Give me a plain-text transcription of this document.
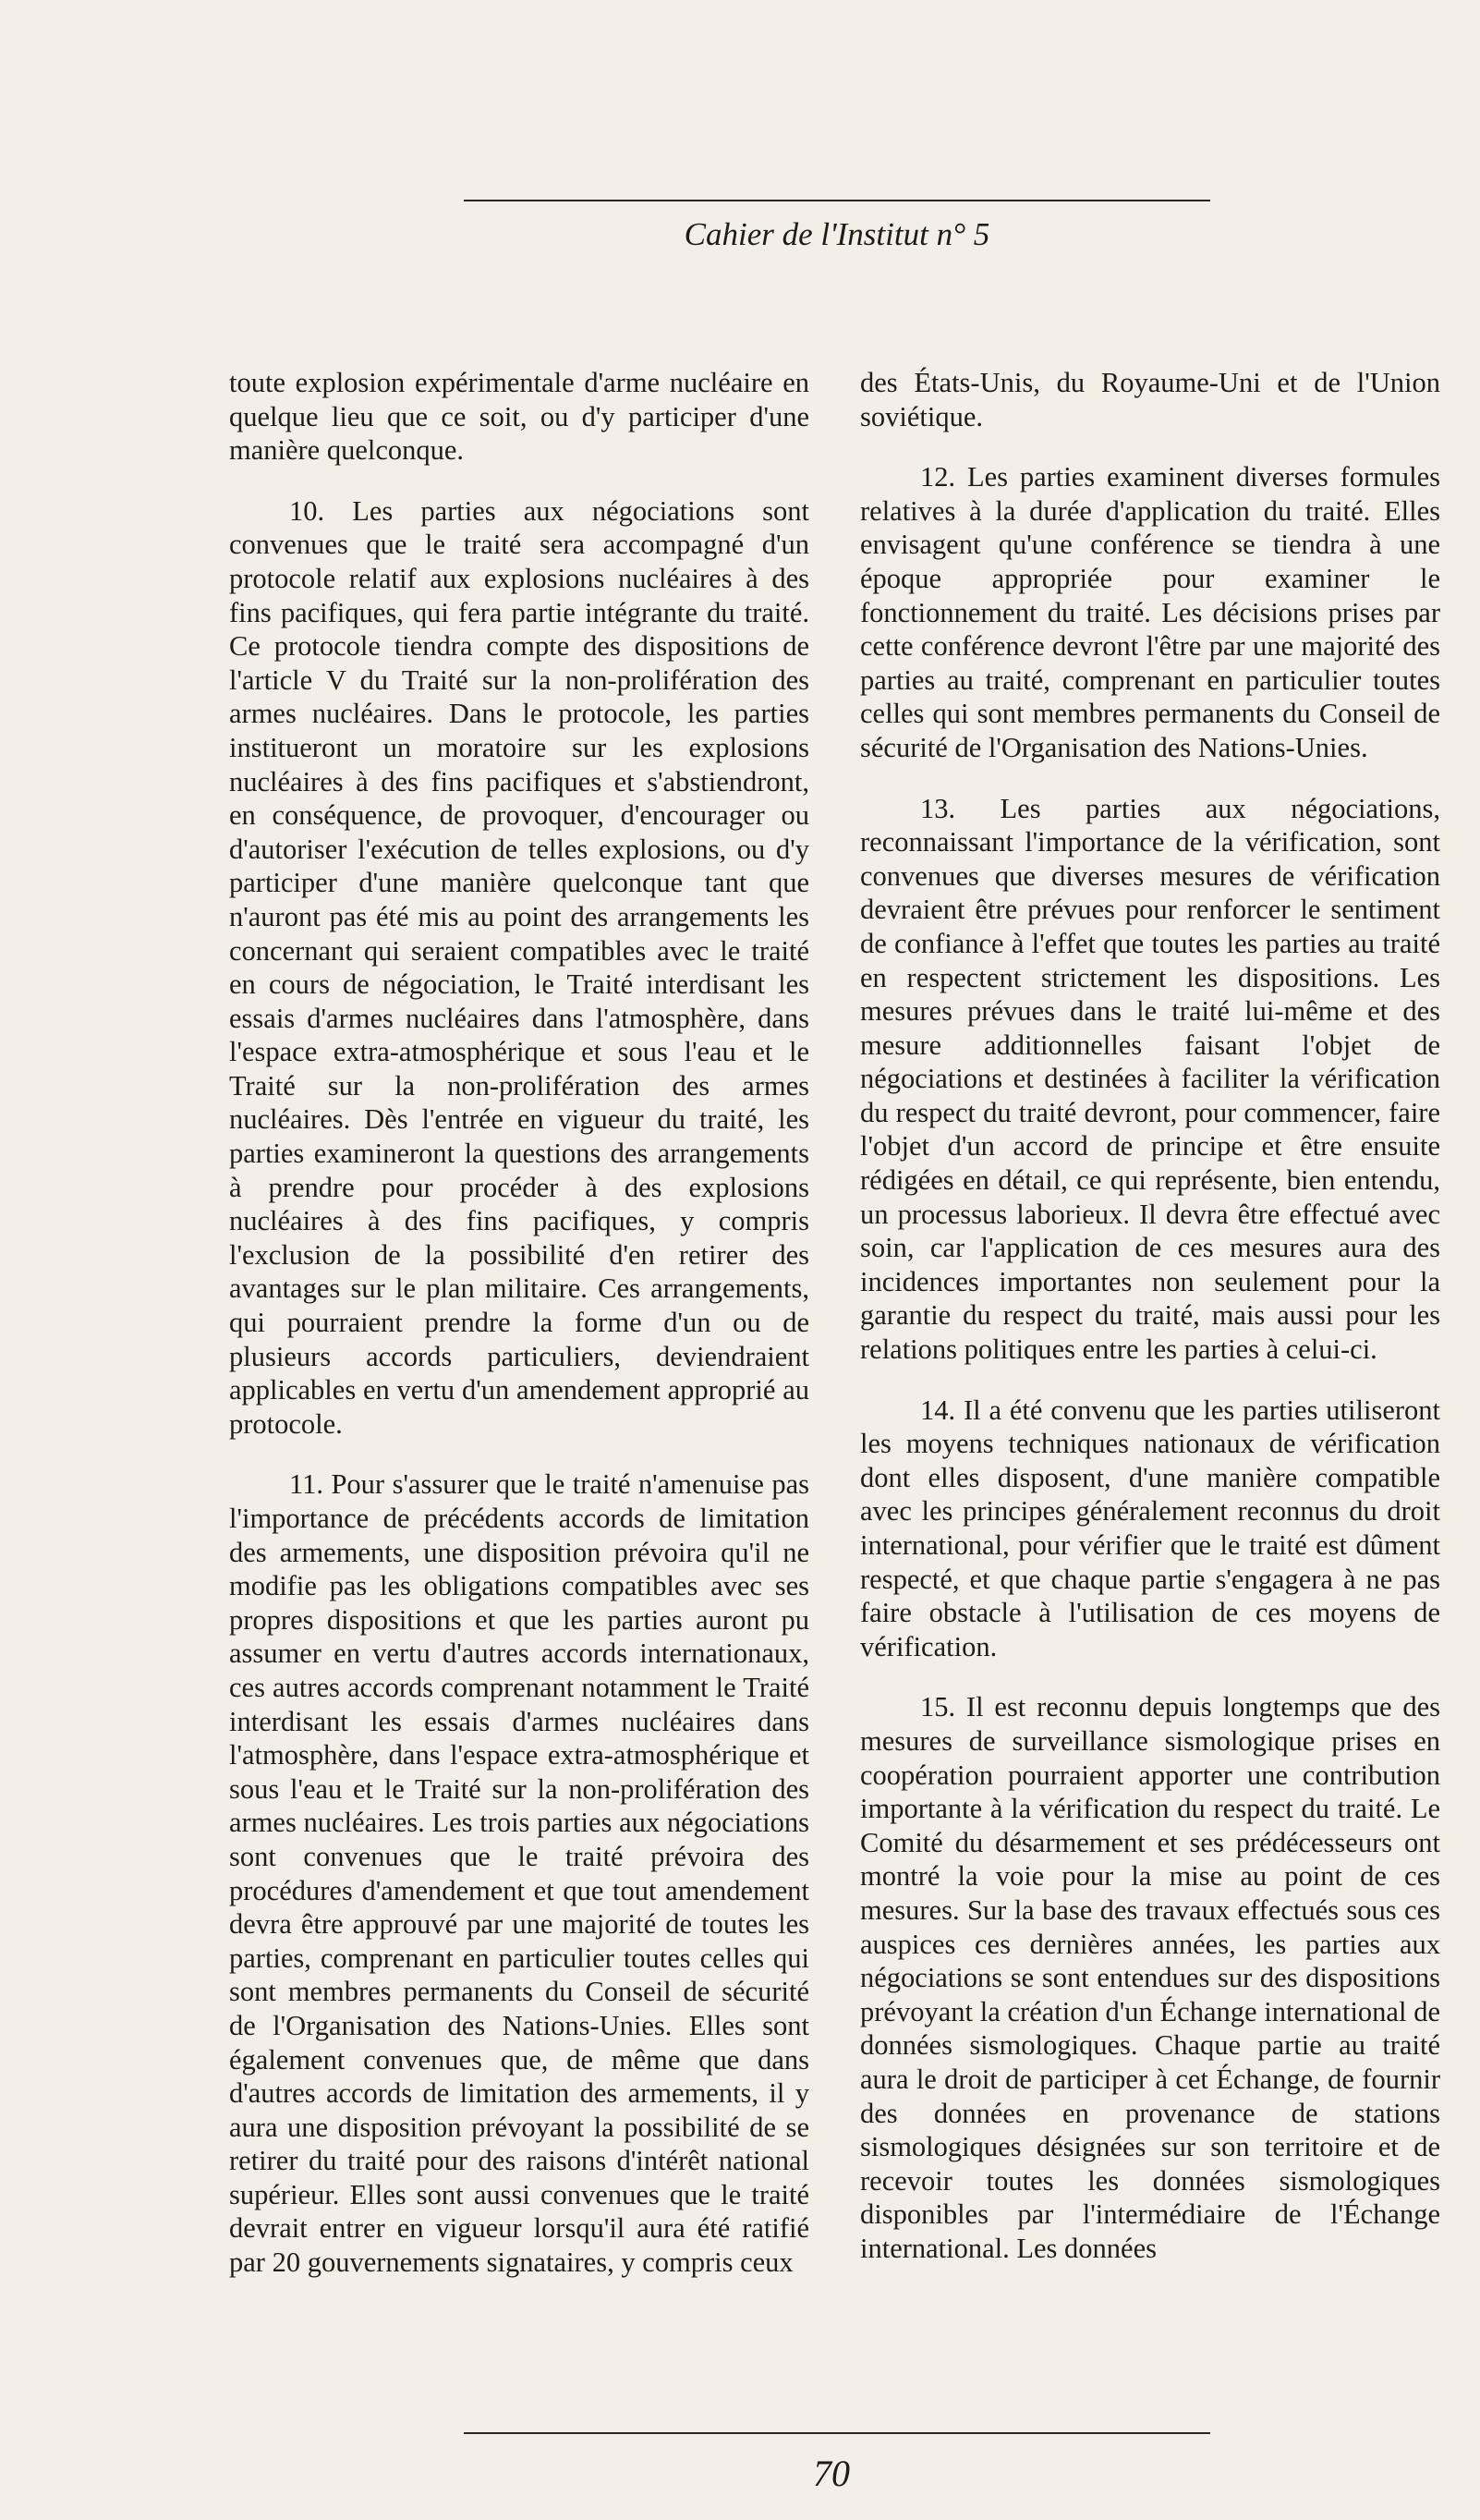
Cahier de l'Institut n° 5

toute explosion expérimentale d'arme nucléaire en quelque lieu que ce soit, ou d'y participer d'une manière quelconque.

10. Les parties aux négociations sont convenues que le traité sera accompagné d'un protocole relatif aux explosions nucléaires à des fins pacifiques, qui fera partie intégrante du traité. Ce protocole tiendra compte des dispositions de l'article V du Traité sur la non-prolifération des armes nucléaires. Dans le protocole, les parties institueront un moratoire sur les explosions nucléaires à des fins pacifiques et s'abstiendront, en conséquence, de provoquer, d'encourager ou d'autoriser l'exécution de telles explosions, ou d'y participer d'une manière quelconque tant que n'auront pas été mis au point des arrangements les concernant qui seraient compatibles avec le traité en cours de négociation, le Traité interdisant les essais d'armes nucléaires dans l'atmosphère, dans l'espace extra-atmosphérique et sous l'eau et le Traité sur la non-prolifération des armes nucléaires. Dès l'entrée en vigueur du traité, les parties examineront la questions des arrangements à prendre pour procéder à des explosions nucléaires à des fins pacifiques, y compris l'exclusion de la possibilité d'en retirer des avantages sur le plan militaire. Ces arrangements, qui pourraient prendre la forme d'un ou de plusieurs accords particuliers, deviendraient applicables en vertu d'un amendement approprié au protocole.

11. Pour s'assurer que le traité n'amenuise pas l'importance de précédents accords de limitation des armements, une disposition prévoira qu'il ne modifie pas les obligations compatibles avec ses propres dispositions et que les parties auront pu assumer en vertu d'autres accords internationaux, ces autres accords comprenant notamment le Traité interdisant les essais d'armes nucléaires dans l'atmosphère, dans l'espace extra-atmosphérique et sous l'eau et le Traité sur la non-prolifération des armes nucléaires. Les trois parties aux négociations sont convenues que le traité prévoira des procédures d'amendement et que tout amendement devra être approuvé par une majorité de toutes les parties, comprenant en particulier toutes celles qui sont membres permanents du Conseil de sécurité de l'Organisation des Nations-Unies. Elles sont également convenues que, de même que dans d'autres accords de limitation des armements, il y aura une disposition prévoyant la possibilité de se retirer du traité pour des raisons d'intérêt national supérieur. Elles sont aussi convenues que le traité devrait entrer en vigueur lorsqu'il aura été ratifié par 20 gouvernements signataires, y compris ceux

des États-Unis, du Royaume-Uni et de l'Union soviétique.

12. Les parties examinent diverses formules relatives à la durée d'application du traité. Elles envisagent qu'une conférence se tiendra à une époque appropriée pour examiner le fonctionnement du traité. Les décisions prises par cette conférence devront l'être par une majorité des parties au traité, comprenant en particulier toutes celles qui sont membres permanents du Conseil de sécurité de l'Organisation des Nations-Unies.

13. Les parties aux négociations, reconnaissant l'importance de la vérification, sont convenues que diverses mesures de vérification devraient être prévues pour renforcer le sentiment de confiance à l'effet que toutes les parties au traité en respectent strictement les dispositions. Les mesures prévues dans le traité lui-même et des mesure additionnelles faisant l'objet de négociations et destinées à faciliter la vérification du respect du traité devront, pour commencer, faire l'objet d'un accord de principe et être ensuite rédigées en détail, ce qui représente, bien entendu, un processus laborieux. Il devra être effectué avec soin, car l'application de ces mesures aura des incidences importantes non seulement pour la garantie du respect du traité, mais aussi pour les relations politiques entre les parties à celui-ci.

14. Il a été convenu que les parties utiliseront les moyens techniques nationaux de vérification dont elles disposent, d'une manière compatible avec les principes généralement reconnus du droit international, pour vérifier que le traité est dûment respecté, et que chaque partie s'engagera à ne pas faire obstacle à l'utilisation de ces moyens de vérification.

15. Il est reconnu depuis longtemps que des mesures de surveillance sismologique prises en coopération pourraient apporter une contribution importante à la vérification du respect du traité. Le Comité du désarmement et ses prédécesseurs ont montré la voie pour la mise au point de ces mesures. Sur la base des travaux effectués sous ces auspices ces dernières années, les parties aux négociations se sont entendues sur des dispositions prévoyant la création d'un Échange international de données sismologiques. Chaque partie au traité aura le droit de participer à cet Échange, de fournir des données en provenance de stations sismologiques désignées sur son territoire et de recevoir toutes les données sismologiques disponibles par l'intermédiaire de l'Échange international. Les données

70
